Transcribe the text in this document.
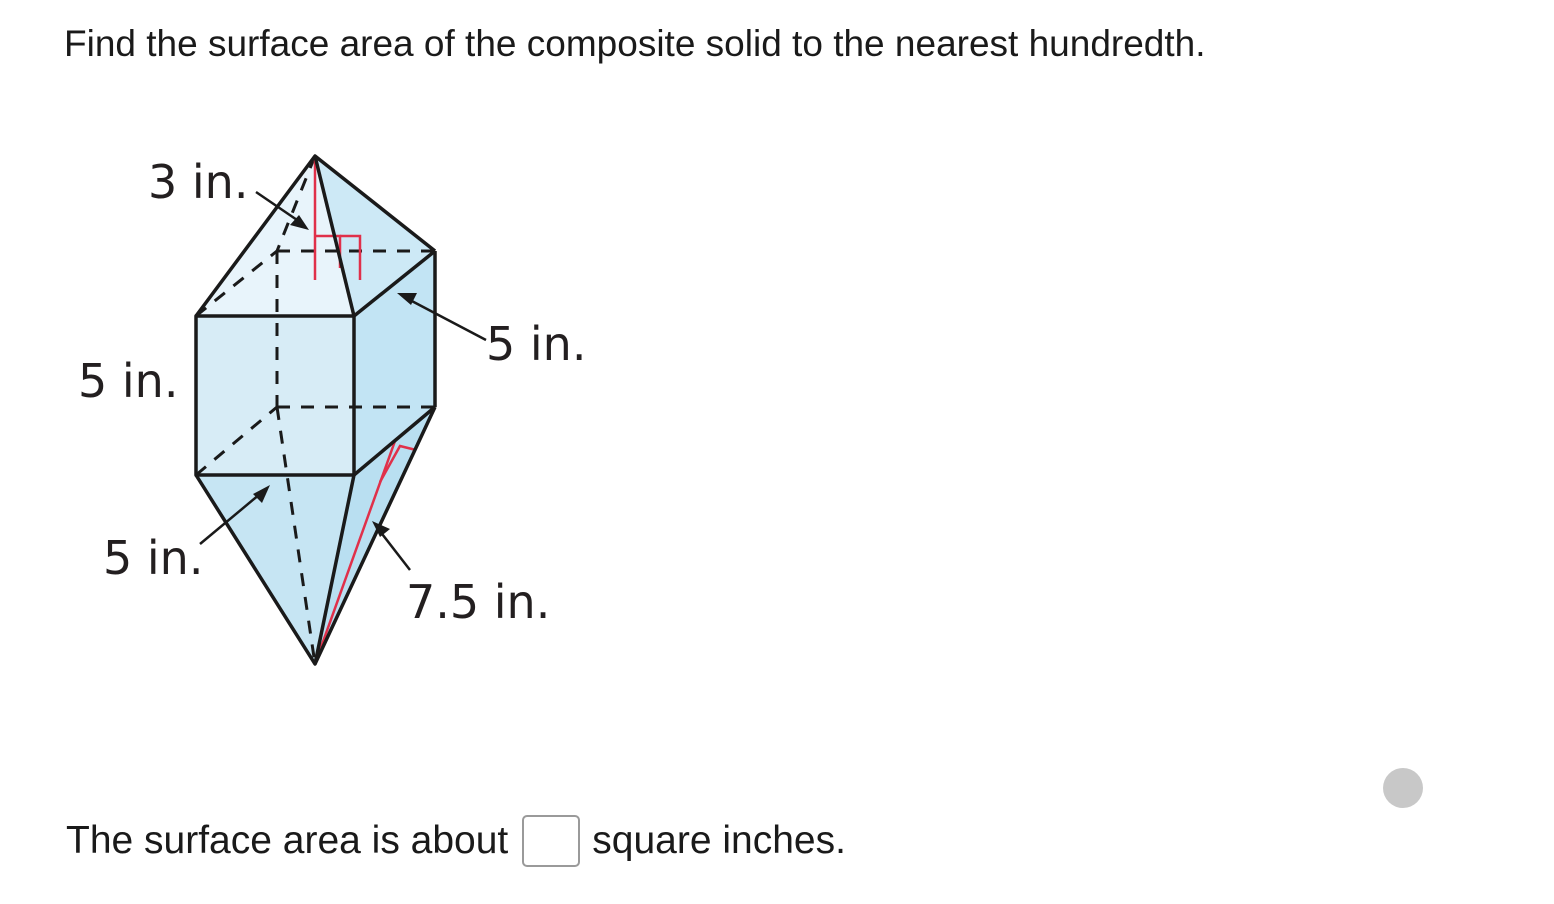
Find the surface area of the composite solid to the nearest hundredth.
3 in.
5 in.
5 in.
5 in.
7.5 in.
The surface area is about square inches.
